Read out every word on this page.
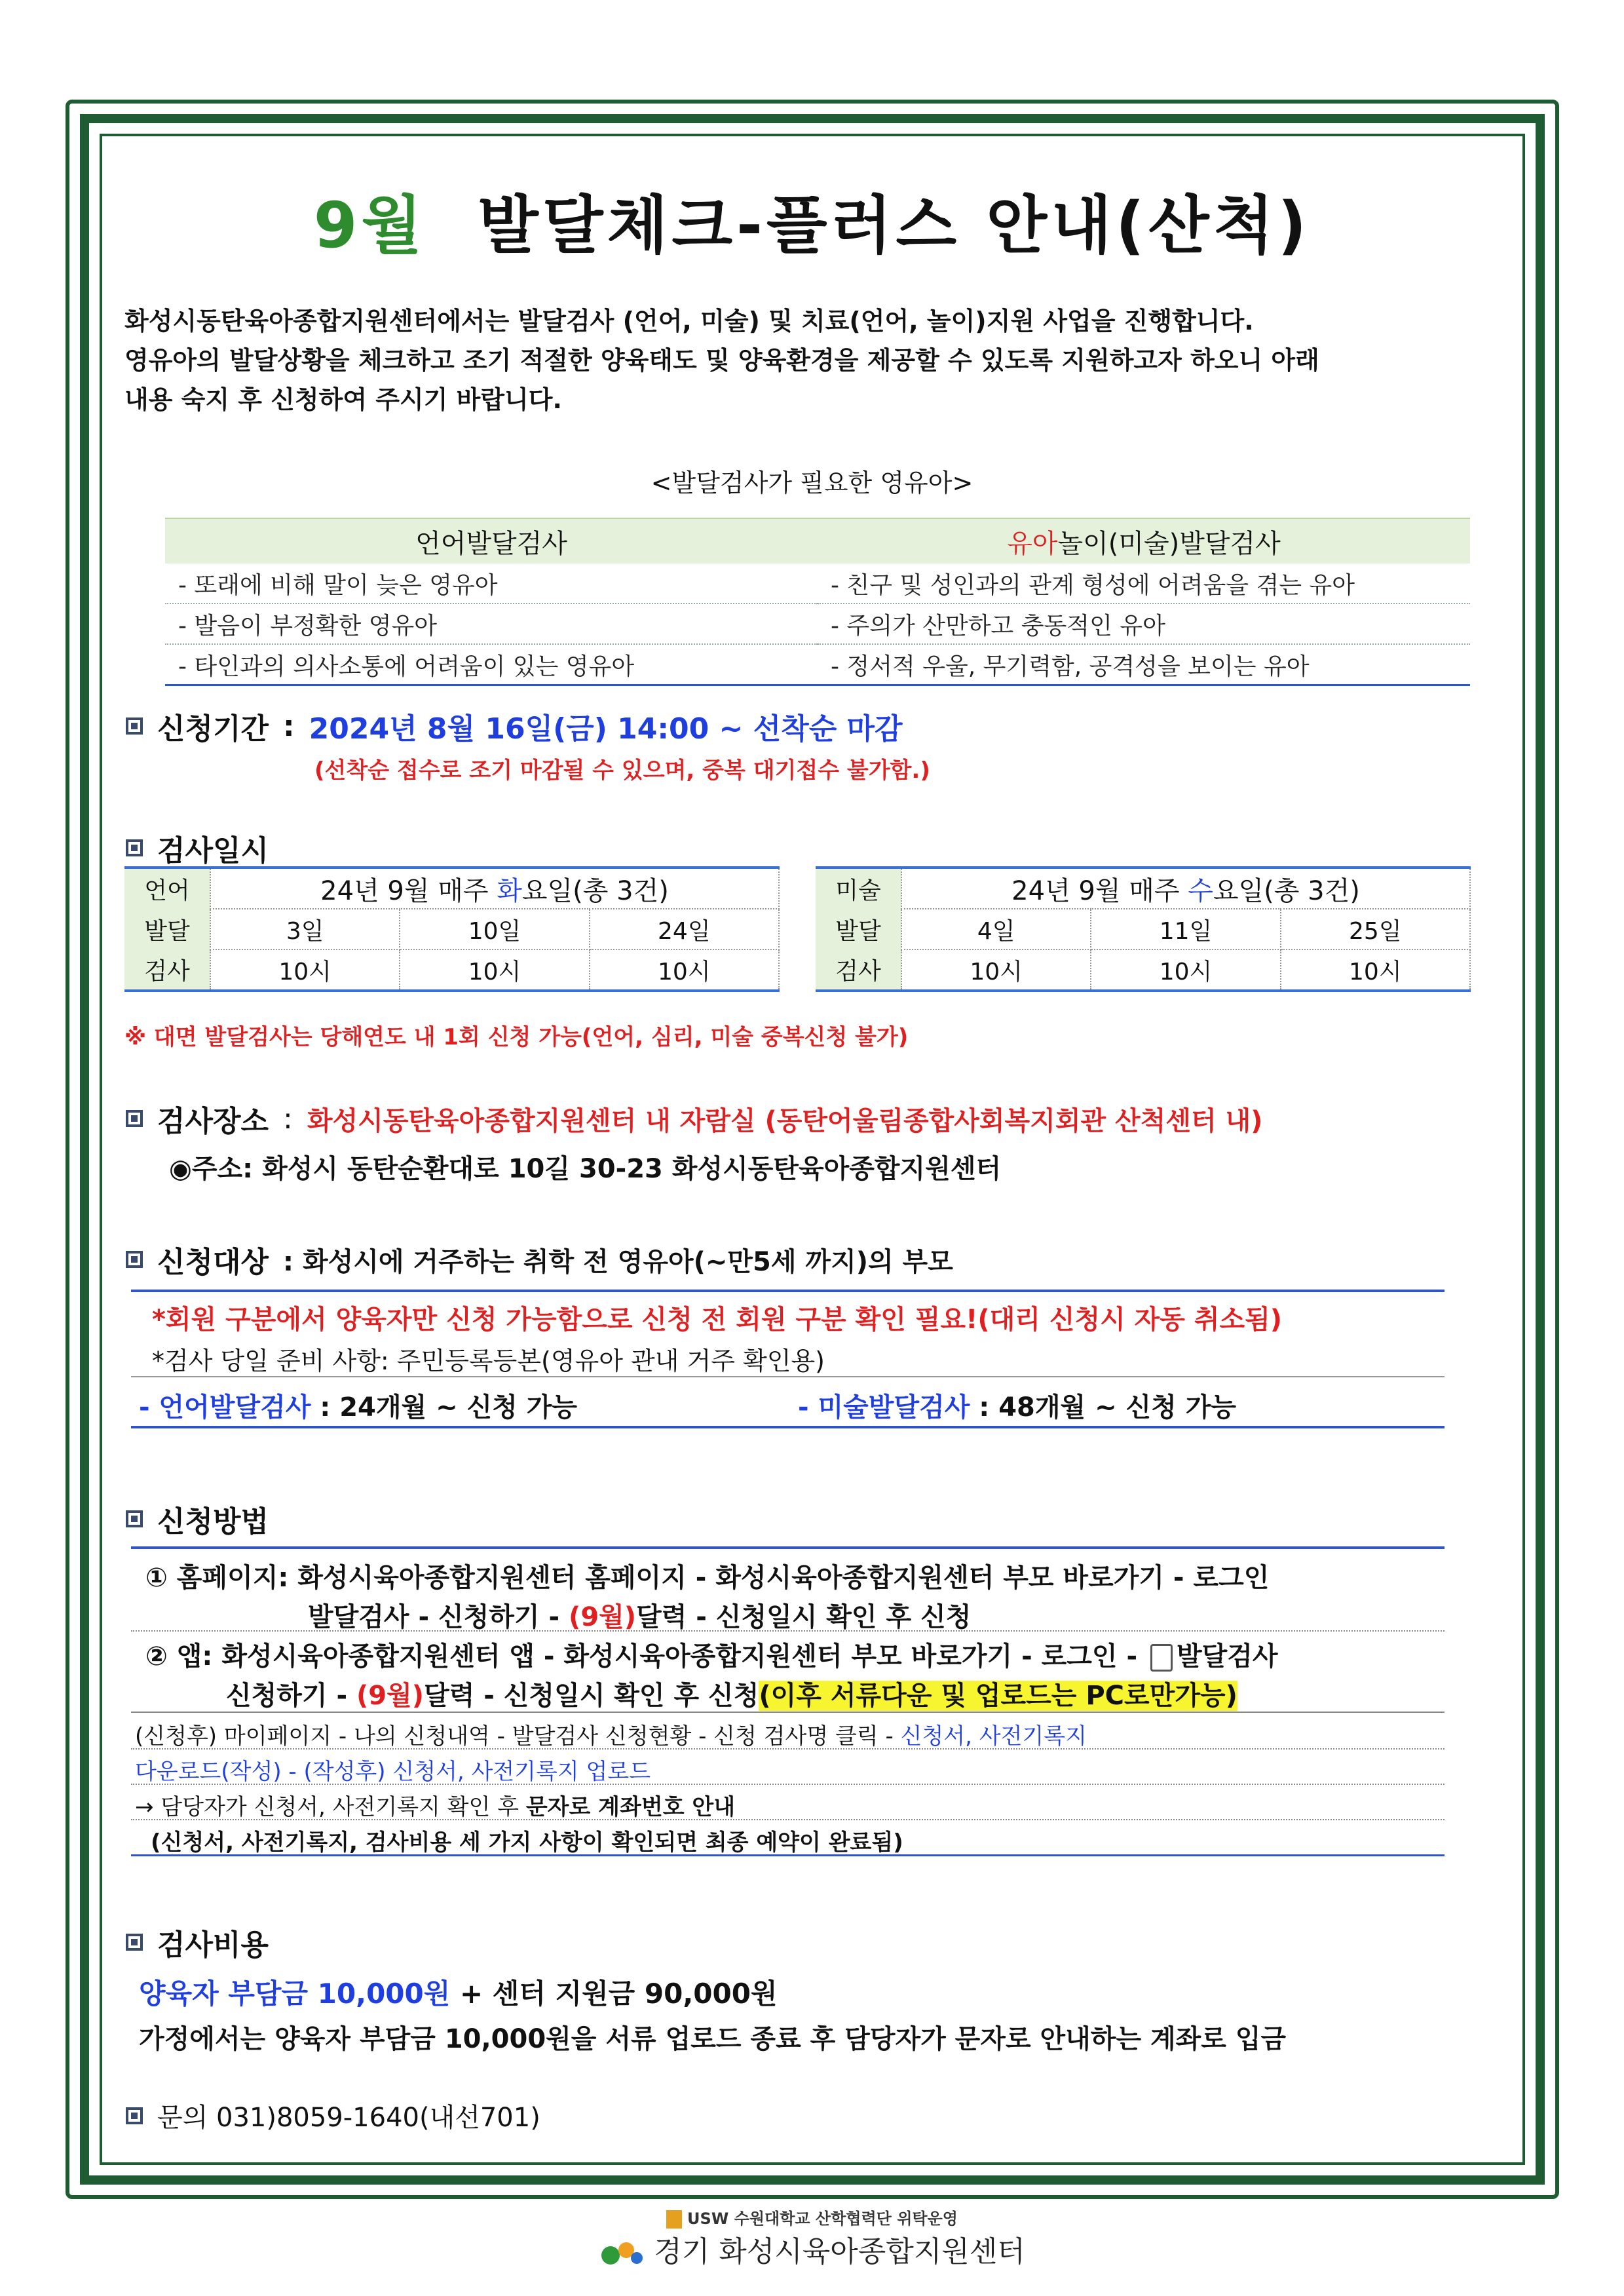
9월 발달체크-플러스 안내(산척)
화성시동탄육아종합지원센터에서는 발달검사 (언어, 미술) 및 치료(언어, 놀이)지원 사업을 진행합니다.
영유아의 발달상황을 체크하고 조기 적절한 양육태도 및 양육환경을 제공할 수 있도록 지원하고자 하오니 아래
내용 숙지 후 신청하여 주시기 바랍니다.
<발달검사가 필요한 영유아>
언어발달검사	유아놀이(미술)발달검사
- 또래에 비해 말이 늦은 영유아	- 친구 및 성인과의 관계 형성에 어려움을 겪는 유아
- 발음이 부정확한 영유아	- 주의가 산만하고 충동적인 유아
- 타인과의 의사소통에 어려움이 있는 영유아	- 정서적 우울, 무기력함, 공격성을 보이는 유아
신청기간 : 2024년 8월 16일(금) 14:00 ~ 선착순 마감
(선착순 접수로 조기 마감될 수 있으며, 중복 대기접수 불가함.)
검사일시
언어	24년 9월 매주 화요일(총 3건)		
발달	3일	10일	24일
검사	10시	10시	10시
미술	24년 9월 매주 수요일(총 3건)		
발달	4일	11일	25일
검사	10시	10시	10시
※ 대면 발달검사는 당해연도 내 1회 신청 가능(언어, 심리, 미술 중복신청 불가)
검사장소 : 화성시동탄육아종합지원센터 내 자람실 (동탄어울림종합사회복지회관 산척센터 내)
◉주소: 화성시 동탄순환대로 10길 30-23 화성시동탄육아종합지원센터
신청대상 : 화성시에 거주하는 취학 전 영유아(~만5세 까지)의 부모
*회원 구분에서 양육자만 신청 가능함으로 신청 전 회원 구분 확인 필요!(대리 신청시 자동 취소됨)
*검사 당일 준비 사항: 주민등록등본(영유아 관내 거주 확인용)
- 언어발달검사 : 24개월 ~ 신청 가능	- 미술발달검사 : 48개월 ~ 신청 가능
신청방법
① 홈페이지: 화성시육아종합지원센터 홈페이지 - 화성시육아종합지원센터 부모 바로가기 - 로그인
발달검사 - 신청하기 - (9월)달력 - 신청일시 확인 후 신청
② 앱: 화성시육아종합지원센터 앱 - 화성시육아종합지원센터 부모 바로가기 - 로그인 - 발달검사
신청하기 - (9월)달력 - 신청일시 확인 후 신청(이후 서류다운 및 업로드는 PC로만가능)
(신청후) 마이페이지 - 나의 신청내역 - 발달검사 신청현황 - 신청 검사명 클릭 - 신청서, 사전기록지
다운로드(작성) - (작성후) 신청서, 사전기록지 업로드
→ 담당자가 신청서, 사전기록지 확인 후 문자로 계좌번호 안내
(신청서, 사전기록지, 검사비용 세 가지 사항이 확인되면 최종 예약이 완료됨)
검사비용
양육자 부담금 10,000원 + 센터 지원금 90,000원
가정에서는 양육자 부담금 10,000원을 서류 업로드 종료 후 담당자가 문자로 안내하는 계좌로 입금
문의 031)8059-1640(내선701)
USW 수원대학교 산학협력단 위탁운영
경기 화성시육아종합지원센터
